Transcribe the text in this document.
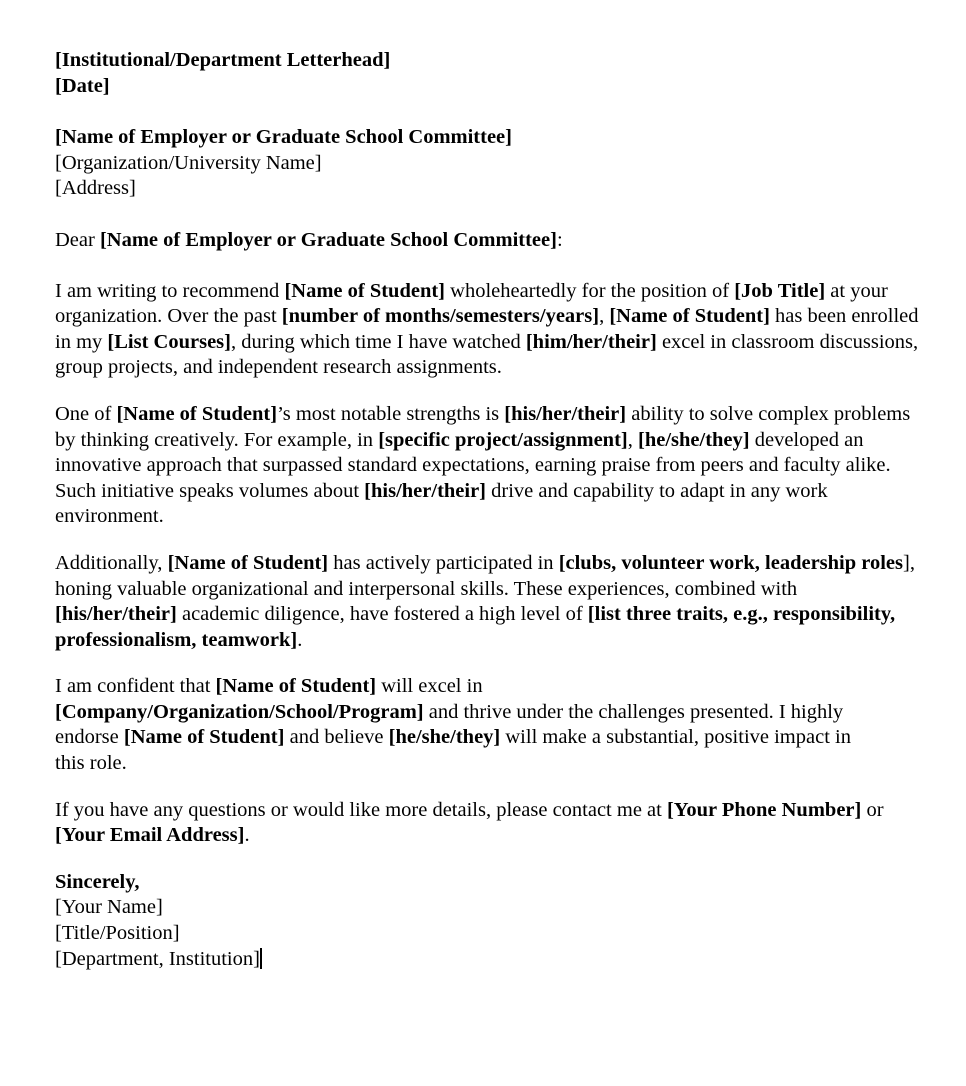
[Institutional/Department Letterhead]
[Date]
[Name of Employer or Graduate School Committee]
[Organization/University Name]
[Address]
Dear [Name of Employer or Graduate School Committee]:

I am writing to recommend [Name of Student] wholeheartedly for the position of [Job Title] at your organization. Over the past [number of months/semesters/years], [Name of Student] has been enrolled in my [List Courses], during which time I have watched [him/her/their] excel in classroom discussions, group projects, and independent research assignments.

One of [Name of Student]’s most notable strengths is [his/her/their] ability to solve complex problems by thinking creatively. For example, in [specific project/assignment], [he/she/they] developed an innovative approach that surpassed standard expectations, earning praise from peers and faculty alike. Such initiative speaks volumes about [his/her/their] drive and capability to adapt in any work environment.

Additionally, [Name of Student] has actively participated in [clubs, volunteer work, leadership roles], honing valuable organizational and interpersonal skills. These experiences, combined with [his/her/their] academic diligence, have fostered a high level of [list three traits, e.g., responsibility, professionalism, teamwork].

I am confident that [Name of Student] will excel in
[Company/Organization/School/Program] and thrive under the challenges presented. I highly
endorse [Name of Student] and believe [he/she/they] will make a substantial, positive impact in
this role.

If you have any questions or would like more details, please contact me at [Your Phone Number] or [Your Email Address].

Sincerely,
[Your Name]
[Title/Position]
[Department, Institution]
